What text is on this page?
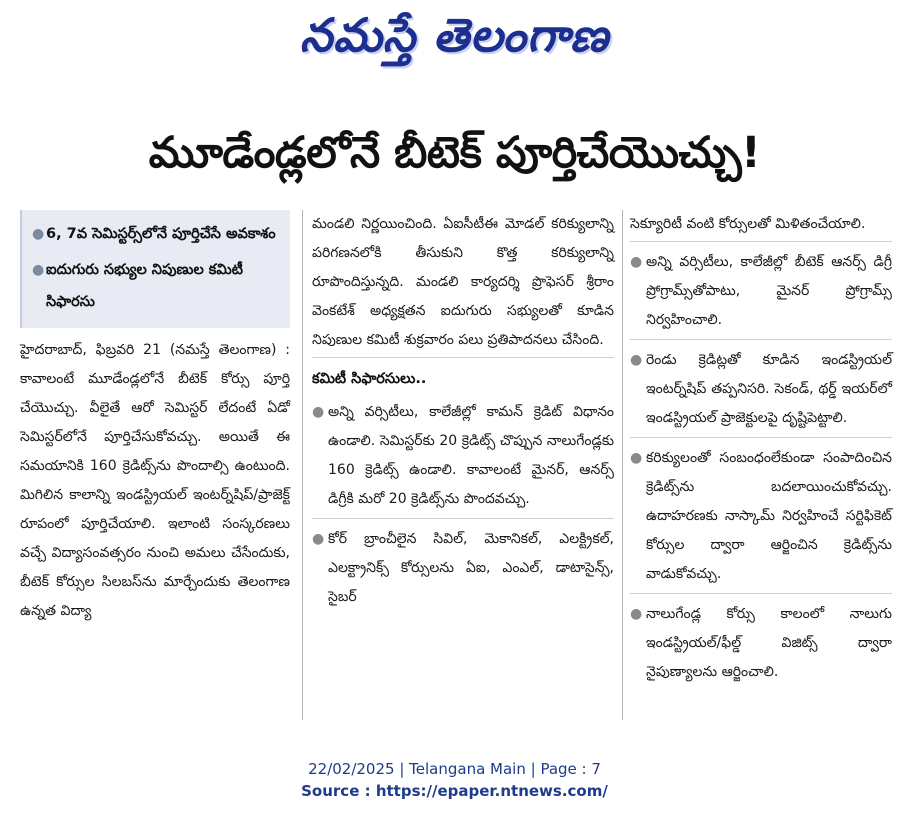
నమస్తే తెలంగాణ
మూడేండ్లలోనే బీటెక్‌ పూర్తిచేయొచ్చు!
● 6, 7వ సెమిస్టర్స్‌లోనే పూర్తిచేసే అవకాశం
● ఐదుగురు సభ్యుల నిపుణుల కమిటీ సిఫారసు

హైదరాబాద్‌, ఫిబ్రవరి 21 (నమస్తే తెలంగాణ) : కావాలంటే మూడేండ్లలోనే బీటెక్‌ కోర్సు పూర్తి చేయొచ్చు. వీలైతే ఆరో సెమిస్టర్‌ లేదంటే ఏడో సెమిస్టర్‌లోనే పూర్తిచేసుకోవచ్చు. అయితే ఈ సమయానికి 160 క్రెడిట్స్‌ను పొందాల్సి ఉంటుంది. మిగిలిన కాలాన్ని ఇండస్ట్రియల్‌ ఇంటర్న్‌షిప్‌/ప్రాజెక్ట్‌ రూపంలో పూర్తిచేయాలి. ఇలాంటి సంస్కరణలు వచ్చే విద్యాసంవత్సరం నుంచి అమలు చేసేందుకు, బీటెక్‌ కోర్సుల సిలబస్‌ను మార్చేందుకు తెలంగాణ ఉన్నత విద్యా

మండలి నిర్ణయించింది. ఏఐసీటీఈ మోడల్‌ కరిక్యులాన్ని పరిగణనలోకి తీసుకుని కొత్త కరిక్యులాన్ని రూపొందిస్తున్నది. మండలి కార్యదర్శి ప్రొఫెసర్‌ శ్రీరాం వెంకటేశ్‌ అధ్యక్షతన ఐదుగురు సభ్యులతో కూడిన నిపుణుల కమిటీ శుక్రవారం పలు ప్రతిపాదనలు చేసింది.

కమిటీ సిఫారసులు..
● అన్ని వర్సిటీలు, కాలేజీల్లో కామన్‌ క్రెడిట్‌ విధానం ఉండాలి. సెమిస్టర్‌కు 20 క్రెడిట్స్‌ చొప్పున నాలుగేండ్లకు 160 క్రెడిట్స్‌ ఉండాలి. కావాలంటే మైనర్‌, ఆనర్స్‌ డిగ్రీకి మరో 20 క్రెడిట్స్‌ను పొందవచ్చు.
● కోర్‌ బ్రాంచీలైన సివిల్‌, మెకానికల్‌, ఎలక్ట్రికల్‌, ఎలక్ట్రానిక్స్‌ కోర్సులను ఏఐ, ఎంఎల్‌, డాటాసైన్స్‌, సైబర్‌

సెక్యూరిటీ వంటి కోర్సులతో మిళితంచేయాలి.

● అన్ని వర్సిటీలు, కాలేజీల్లో బీటెక్‌ ఆనర్స్‌ డిగ్రీ ప్రోగ్రామ్స్‌తోపాటు, మైనర్‌ ప్రోగ్రామ్స్‌ నిర్వహించాలి.
● రెండు క్రెడిట్లతో కూడిన ఇండస్ట్రియల్‌ ఇంటర్న్‌షిప్‌ తప్పనిసరి. సెకండ్‌, థర్డ్‌ ఇయర్‌లో ఇండస్ట్రియల్‌ ప్రాజెక్టులపై దృష్టిపెట్టాలి.
● కరిక్యులంతో సంబంధంలేకుండా సంపాదించిన క్రెడిట్స్‌ను బదలాయించుకోవచ్చు. ఉదాహరణకు నాస్కామ్‌ నిర్వహించే సర్టిఫికెట్‌ కోర్సుల ద్వారా ఆర్జించిన క్రెడిట్స్‌ను వాడుకోవచ్చు.
● నాలుగేండ్ల కోర్సు కాలంలో నాలుగు ఇండస్ట్రియల్‌/ఫీల్డ్‌ విజిట్స్‌ ద్వారా నైపుణ్యాలను ఆర్జించాలి.
22/02/2025 | Telangana Main | Page : 7
Source : https://epaper.ntnews.com/
